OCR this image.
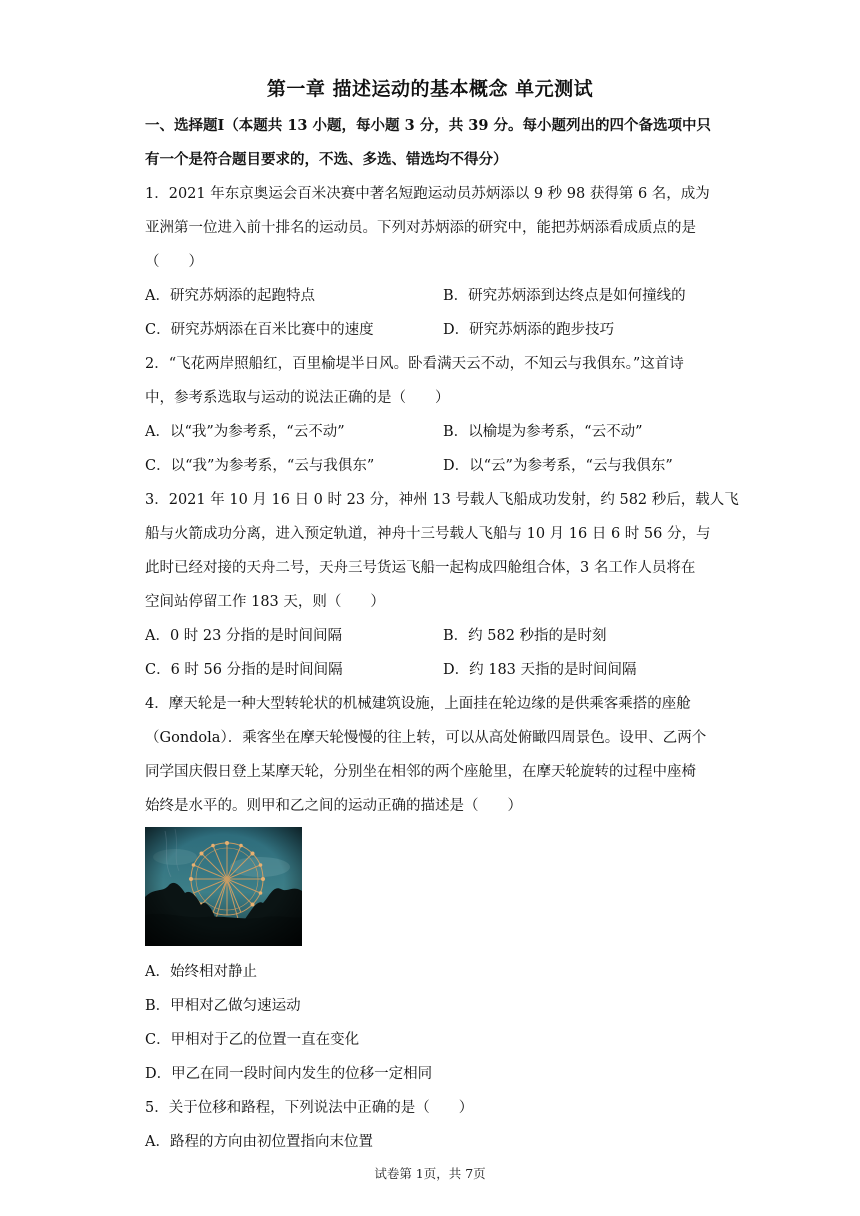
第一章 描述运动的基本概念 单元测试
一、选择题Ⅰ（本题共 13 小题，每小题 3 分，共 39 分。每小题列出的四个备选项中只
有一个是符合题目要求的，不选、多选、错选均不得分）
1．2021 年东京奥运会百米决赛中著名短跑运动员苏炳添以 9 秒 98 获得第 6 名，成为
亚洲第一位进入前十排名的运动员。下列对苏炳添的研究中，能把苏炳添看成质点的是
（　　）
A．研究苏炳添的起跑特点	B．研究苏炳添到达终点是如何撞线的
C．研究苏炳添在百米比赛中的速度	D．研究苏炳添的跑步技巧
2．“飞花两岸照船红，百里榆堤半日风。卧看满天云不动，不知云与我俱东。”这首诗
中，参考系选取与运动的说法正确的是（　　）
A．以“我”为参考系，“云不动”	B．以榆堤为参考系，“云不动”
C．以“我”为参考系，“云与我俱东”	D．以“云”为参考系，“云与我俱东”
3．2021 年 10 月 16 日 0 时 23 分，神州 13 号载人飞船成功发射，约 582 秒后，载人飞
船与火箭成功分离，进入预定轨道，神舟十三号载人飞船与 10 月 16 日 6 时 56 分，与
此时已经对接的天舟二号，天舟三号货运飞船一起构成四舱组合体，3 名工作人员将在
空间站停留工作 183 天，则（　　）
A．0 时 23 分指的是时间间隔	B．约 582 秒指的是时刻
C．6 时 56 分指的是时间间隔	D．约 183 天指的是时间间隔
4．摩天轮是一种大型转轮状的机械建筑设施，上面挂在轮边缘的是供乘客乘搭的座舱
（Gondola）．乘客坐在摩天轮慢慢的往上转，可以从高处俯瞰四周景色。设甲、乙两个
同学国庆假日登上某摩天轮，分别坐在相邻的两个座舱里，在摩天轮旋转的过程中座椅
始终是水平的。则甲和乙之间的运动正确的描述是（　　）
A．始终相对静止
B．甲相对乙做匀速运动
C．甲相对于乙的位置一直在变化
D．甲乙在同一段时间内发生的位移一定相同
5．关于位移和路程，下列说法中正确的是（　　）
A．路程的方向由初位置指向末位置
试卷第 1页，共 7页
